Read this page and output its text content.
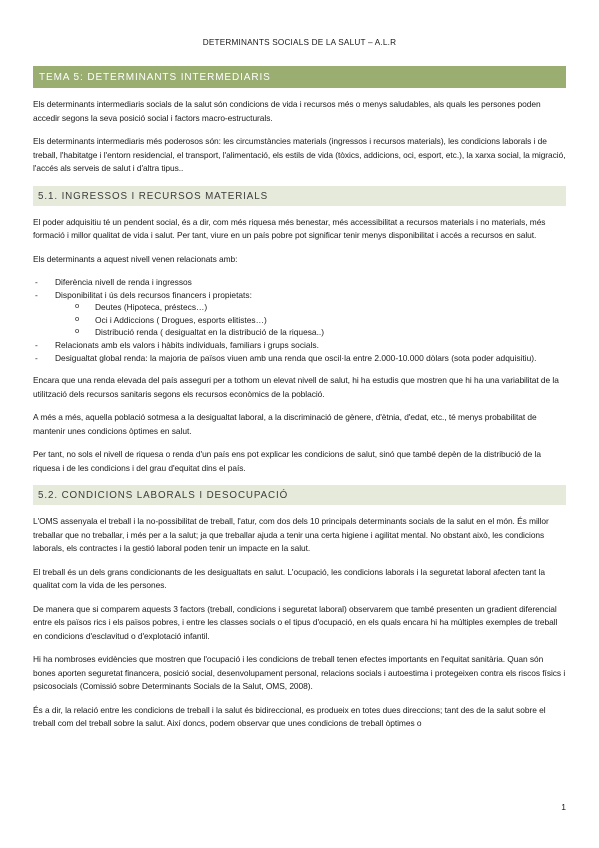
DETERMINANTS SOCIALS DE LA SALUT – A.L.R
TEMA 5: DETERMINANTS INTERMEDIARIS

Els determinants intermediaris socials de la salut són condicions de vida i recursos més o menys saludables, als quals les persones poden accedir segons la seva posició social i factors macro-estructurals.

Els determinants intermediaris més poderosos són: les circumstàncies materials (ingressos i recursos materials), les condicions laborals i de treball, l'habitatge i l'entorn residencial, el transport, l'alimentació, els estils de vida (tòxics, addicions, oci, esport, etc.), la xarxa social, la migració, l'accés als serveis de salut i d'altra tipus..

5.1. INGRESSOS I RECURSOS MATERIALS

El poder adquisitiu té un pendent social, és a dir, com més riquesa més benestar, més accessibilitat a recursos materials i no materials, més formació i millor qualitat de vida i salut. Per tant, viure en un país pobre pot significar tenir menys disponibilitat i accés a recursos en salut.

Els determinants a aquest nivell venen relacionats amb:

- Diferència nivell de renda i ingressos
- Disponibilitat i ús dels recursos financers i propietats:
o Deutes (Hipoteca, préstecs…)
o Oci i Addiccions ( Drogues, esports elitistes…)
o Distribució renda ( desigualtat en la distribució de la riquesa..)
- Relacionats amb els valors i hàbits individuals, familiars i grups socials.
- Desigualtat global renda: la majoria de països viuen amb una renda que oscil·la entre 2.000-10.000 dòlars (sota poder adquisitiu).

Encara que una renda elevada del país asseguri per a tothom un elevat nivell de salut, hi ha estudis que mostren que hi ha una variabilitat de la utilització dels recursos sanitaris segons els recursos econòmics de la població.

A més a més, aquella població sotmesa a la desigualtat laboral, a la discriminació de gènere, d'ètnia, d'edat, etc., té menys probabilitat de mantenir unes condicions òptimes en salut.

Per tant, no sols el nivell de riquesa o renda d'un país ens pot explicar les condicions de salut, sinó que també depèn de la distribució de la riquesa i de les condicions i del grau d'equitat dins el país.

5.2. CONDICIONS LABORALS I DESOCUPACIÓ

L'OMS assenyala el treball i la no-possibilitat de treball, l'atur, com dos dels 10 principals determinants socials de la salut en el món. És millor treballar que no treballar, i més per a la salut; ja que treballar ajuda a tenir una certa higiene i agilitat mental. No obstant això, les condicions laborals, els contractes i la gestió laboral poden tenir un impacte en la salut.

El treball és un dels grans condicionants de les desigualtats en salut. L'ocupació, les condicions laborals i la seguretat laboral afecten tant la qualitat com la vida de les persones.

De manera que si comparem aquests 3 factors (treball, condicions i seguretat laboral) observarem que també presenten un gradient diferencial entre els països rics i els països pobres, i entre les classes socials o el tipus d'ocupació, en els quals encara hi ha múltiples exemples de treball en condicions d'esclavitud o d'explotació infantil.

Hi ha nombroses evidències que mostren que l'ocupació i les condicions de treball tenen efectes importants en l'equitat sanitària. Quan són bones aporten seguretat financera, posició social, desenvolupament personal, relacions socials i autoestima i protegeixen contra els riscos físics i psicosocials (Comissió sobre Determinants Socials de la Salut, OMS, 2008).

És a dir, la relació entre les condicions de treball i la salut és bidireccional, es produeix en totes dues direccions; tant des de la salut sobre el treball com del treball sobre la salut. Així doncs, podem observar que unes condicions de treball òptimes o

1
